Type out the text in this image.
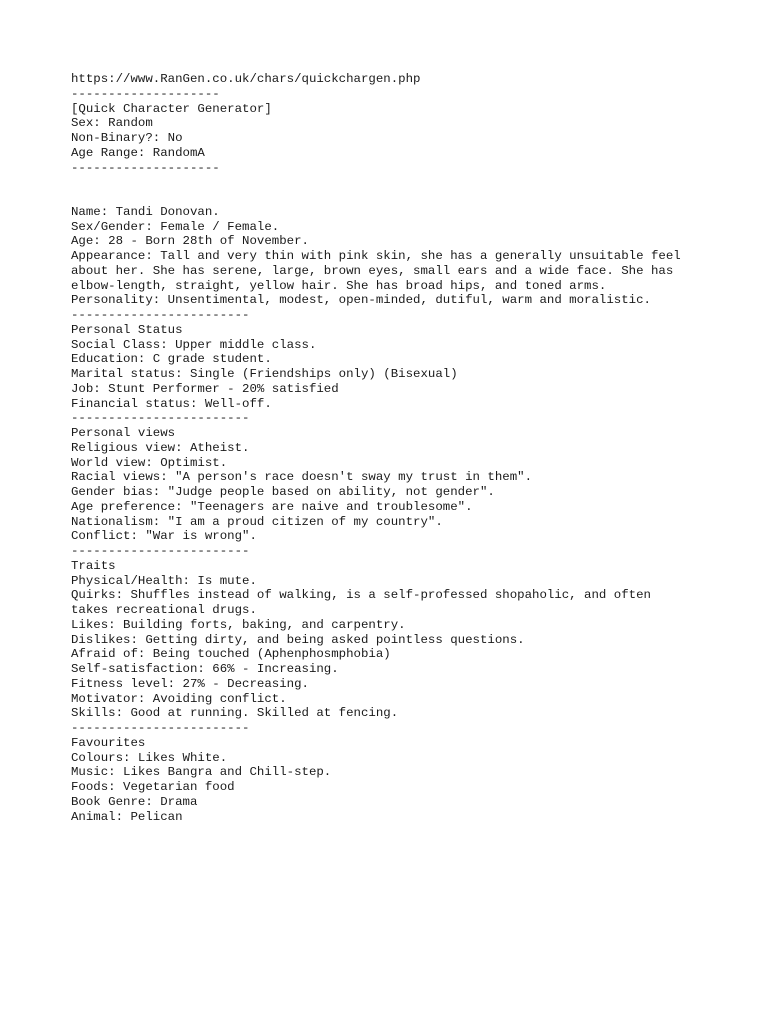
https://www.RanGen.co.uk/chars/quickchargen.php
--------------------
[Quick Character Generator]
Sex: Random
Non-Binary?: No
Age Range: RandomA
--------------------
Name: Tandi Donovan.
Sex/Gender: Female / Female.
Age: 28 - Born 28th of November.
Appearance: Tall and very thin with pink skin, she has a generally unsuitable feel
about her. She has serene, large, brown eyes, small ears and a wide face. She has
elbow-length, straight, yellow hair. She has broad hips, and toned arms.
Personality: Unsentimental, modest, open-minded, dutiful, warm and moralistic.
------------------------
Personal Status
Social Class: Upper middle class.
Education: C grade student.
Marital status: Single (Friendships only) (Bisexual)
Job: Stunt Performer - 20% satisfied
Financial status: Well-off.
------------------------
Personal views
Religious view: Atheist.
World view: Optimist.
Racial views: "A person's race doesn't sway my trust in them".
Gender bias: "Judge people based on ability, not gender".
Age preference: "Teenagers are naive and troublesome".
Nationalism: "I am a proud citizen of my country".
Conflict: "War is wrong".
------------------------
Traits
Physical/Health: Is mute.
Quirks: Shuffles instead of walking, is a self-professed shopaholic, and often
takes recreational drugs.
Likes: Building forts, baking, and carpentry.
Dislikes: Getting dirty, and being asked pointless questions.
Afraid of: Being touched (Aphenphosmphobia)
Self-satisfaction: 66% - Increasing.
Fitness level: 27% - Decreasing.
Motivator: Avoiding conflict.
Skills: Good at running. Skilled at fencing.
------------------------
Favourites
Colours: Likes White.
Music: Likes Bangra and Chill-step.
Foods: Vegetarian food
Book Genre: Drama
Animal: Pelican
